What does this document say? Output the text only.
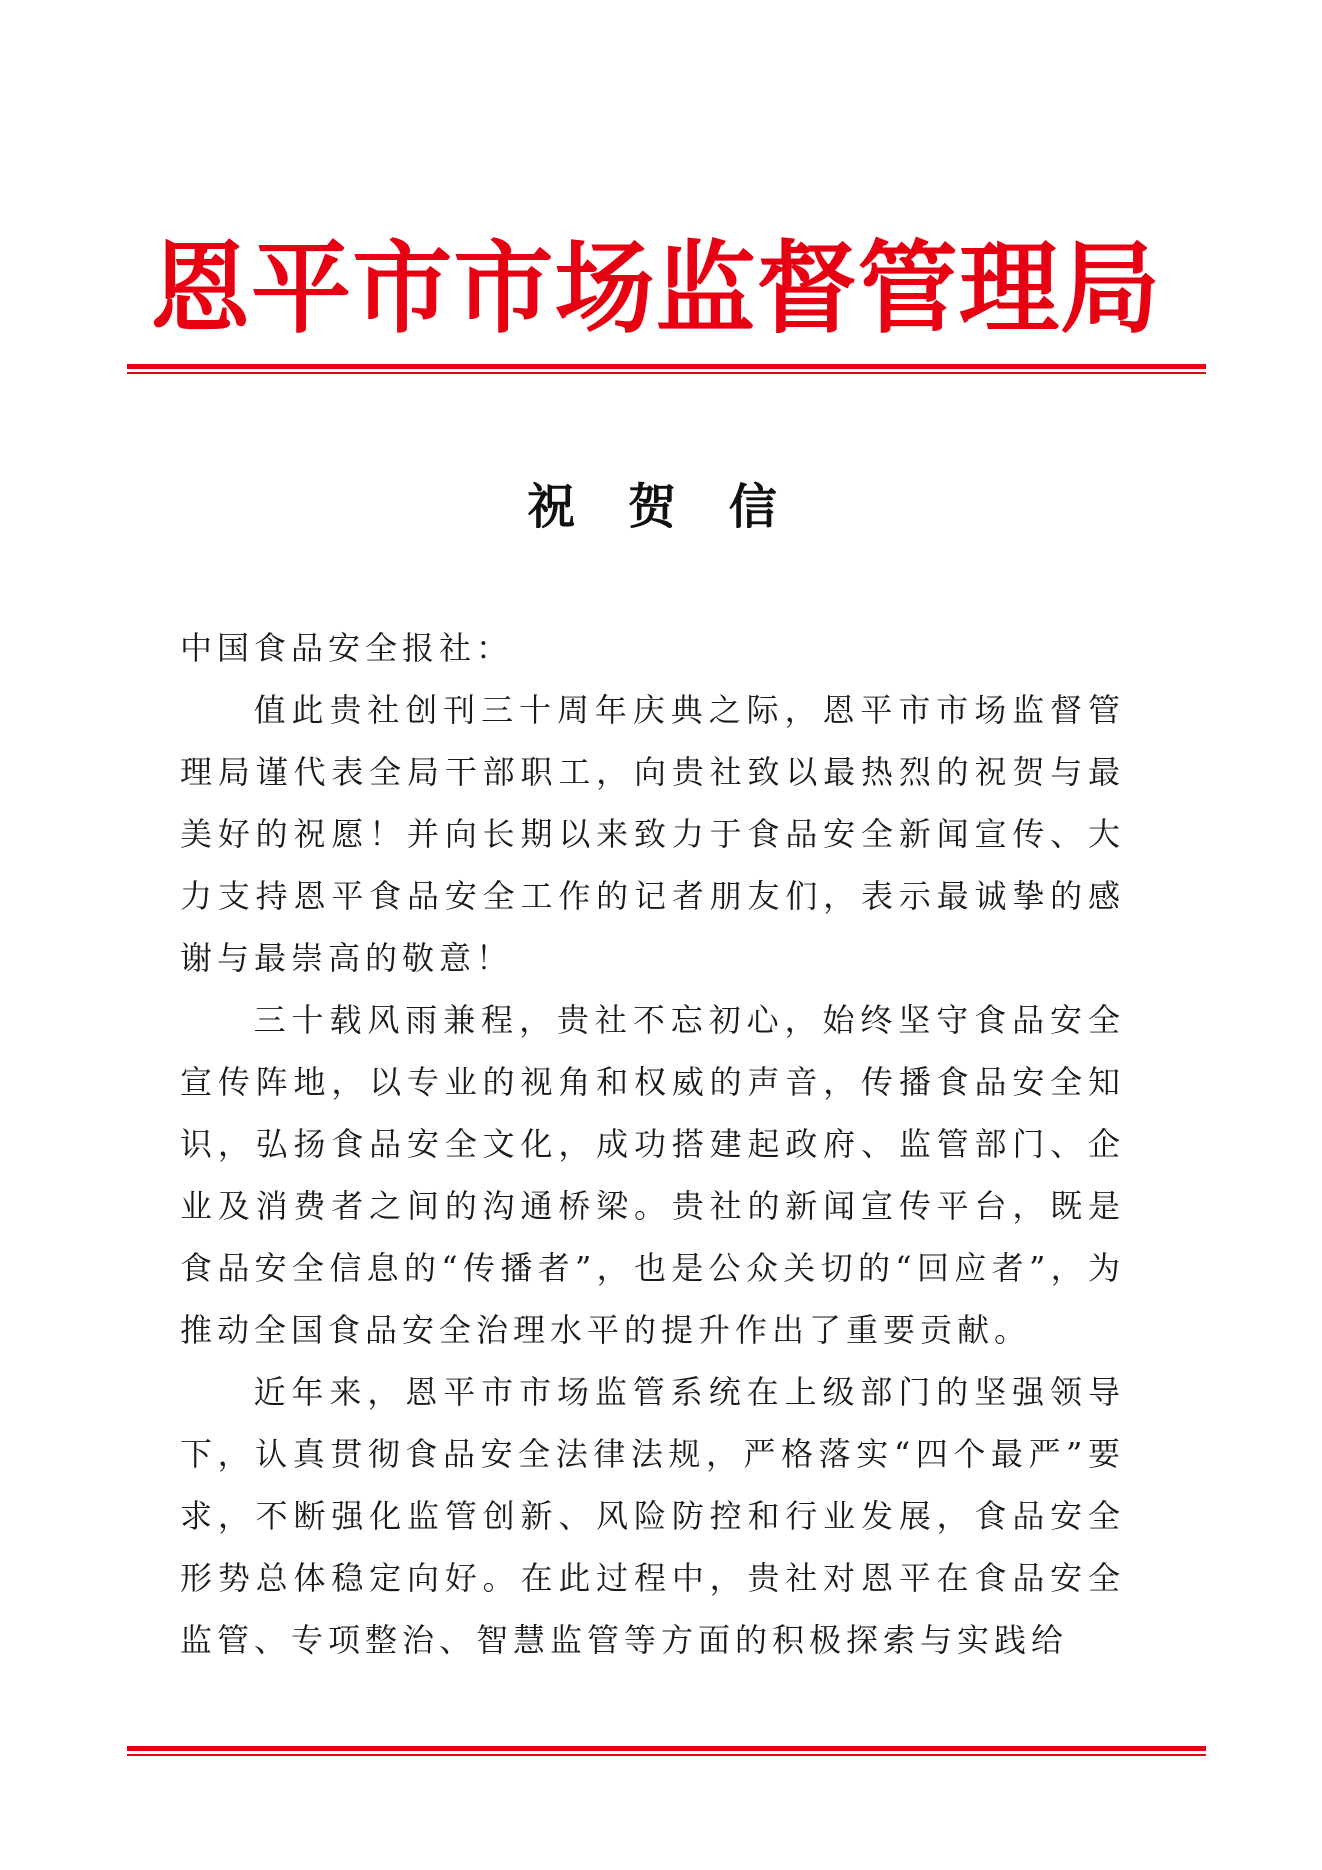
恩 平 市 市 场 监 督 管 理 局
祝 贺 信

中国食品安全报社：

值此贵社创刊三十周年庆典之际，恩平市市场监督管理局谨代表全局干部职工，向贵社致以最热烈的祝贺与最美好的祝愿！并向长期以来致力于食品安全新闻宣传、大力支持恩平食品安全工作的记者朋友们，表示最诚挚的感谢与最崇高的敬意！

三十载风雨兼程，贵社不忘初心，始终坚守食品安全宣传阵地，以专业的视角和权威的声音，传播食品安全知识，弘扬食品安全文化，成功搭建起政府、监管部门、企业及消费者之间的沟通桥梁。贵社的新闻宣传平台，既是食品安全信息的“传播者”，也是公众关切的“回应者”，为推动全国食品安全治理水平的提升作出了重要贡献。

近年来，恩平市市场监管系统在上级部门的坚强领导下，认真贯彻食品安全法律法规，严格落实“四个最严”要求，不断强化监管创新、风险防控和行业发展，食品安全形势总体稳定向好。在此过程中，贵社对恩平在食品安全监管、专项整治、智慧监管等方面的积极探索与实践给
